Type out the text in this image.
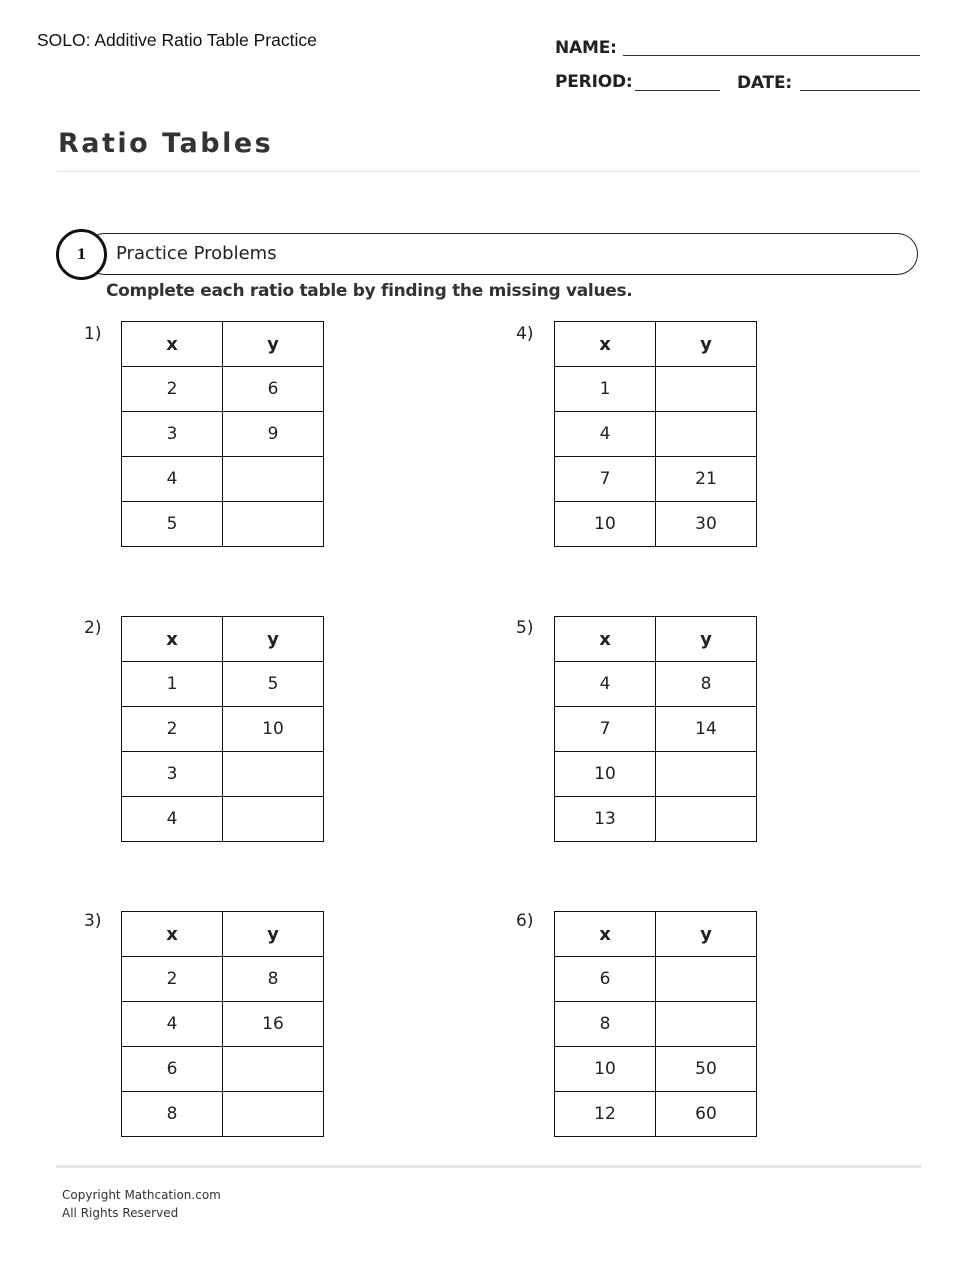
SOLO: Additive Ratio Table Practice	NAME:
PERIOD:	DATE:
Ratio Tables
1	Practice Problems
Complete each ratio table by finding the missing values.
1)
2)
3)
4)
5)
6)
x	y
2	6
3	9
4	
5	
x	y
1	5
2	10
3	
4	
x	y
2	8
4	16
6	
8	
x	y
1	
4	
7	21
10	30
x	y
4	8
7	14
10	
13	
x	y
6	
8	
10	50
12	60
Copyright Mathcation.com
All Rights Reserved
